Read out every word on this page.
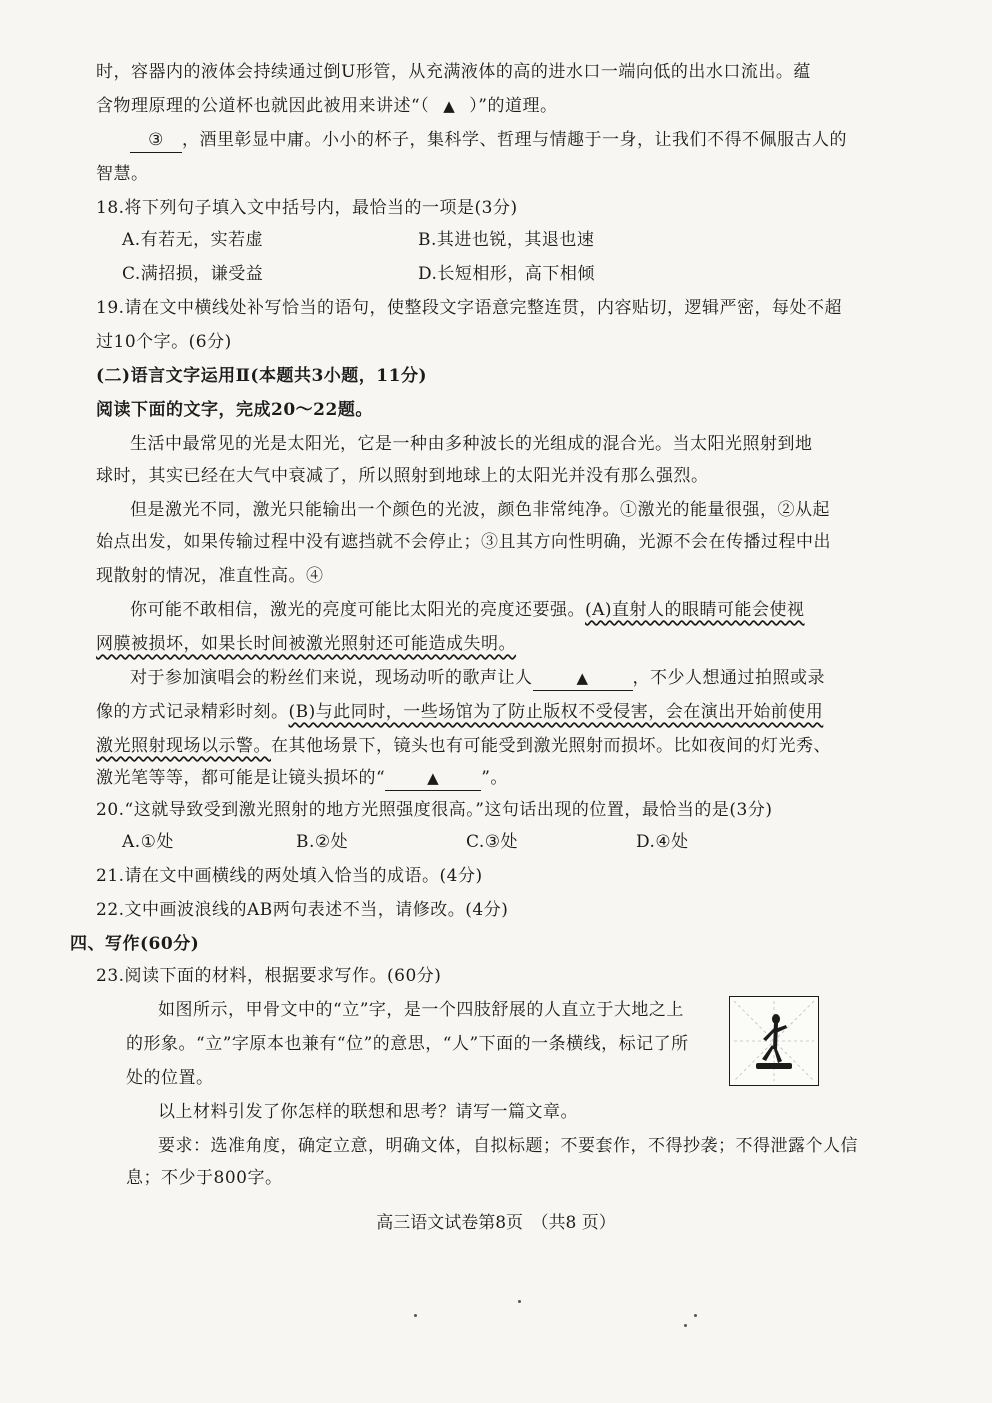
时，容器内的液体会持续通过倒U形管，从充满液体的高的进水口一端向低的出水口流出。蕴
含物理原理的公道杯也就因此被用来讲述“（ ▲ ）”的道理。
③ ，酒里彰显中庸。小小的杯子，集科学、哲理与情趣于一身，让我们不得不佩服古人的
智慧。
18.将下列句子填入文中括号内，最恰当的一项是(3分)
A.有若无，实若虚	B.其进也锐，其退也速
C.满招损，谦受益	D.长短相形，高下相倾
19.请在文中横线处补写恰当的语句，使整段文字语意完整连贯，内容贴切，逻辑严密，每处不超
过10个字。(6分)
(二)语言文字运用Ⅱ(本题共3小题，11分)
阅读下面的文字，完成20～22题。
生活中最常见的光是太阳光，它是一种由多种波长的光组成的混合光。当太阳光照射到地
球时，其实已经在大气中衰减了，所以照射到地球上的太阳光并没有那么强烈。
但是激光不同，激光只能输出一个颜色的光波，颜色非常纯净。①激光的能量很强，②从起
始点出发，如果传输过程中没有遮挡就不会停止；③且其方向性明确，光源不会在传播过程中出
现散射的情况，准直性高。④
你可能不敢相信，激光的亮度可能比太阳光的亮度还要强。(A)直射人的眼睛可能会使视
网膜被损坏，如果长时间被激光照射还可能造成失明。
对于参加演唱会的粉丝们来说，现场动听的歌声让人	▲	，不少人想通过拍照或录
像的方式记录精彩时刻。(B)与此同时，一些场馆为了防止版权不受侵害，会在演出开始前使用
激光照射现场以示警。在其他场景下，镜头也有可能受到激光照射而损坏。比如夜间的灯光秀、
激光笔等等，都可能是让镜头损坏的“	▲ ”。
20.“这就导致受到激光照射的地方光照强度很高。”这句话出现的位置，最恰当的是(3分)
A.①处	B.②处	C.③处	D.④处
21.请在文中画横线的两处填入恰当的成语。(4分)
22.文中画波浪线的AB两句表述不当，请修改。(4分)
四、写作(60分)
23.阅读下面的材料，根据要求写作。(60分)
如图所示，甲骨文中的“立”字，是一个四肢舒展的人直立于大地之上
的形象。“立”字原本也兼有“位”的意思，“人”下面的一条横线，标记了所
处的位置。
以上材料引发了你怎样的联想和思考？请写一篇文章。
要求：选准角度，确定立意，明确文体，自拟标题；不要套作，不得抄袭；不得泄露个人信
息；不少于800字。
高三语文试卷第8页　（共8 页）
